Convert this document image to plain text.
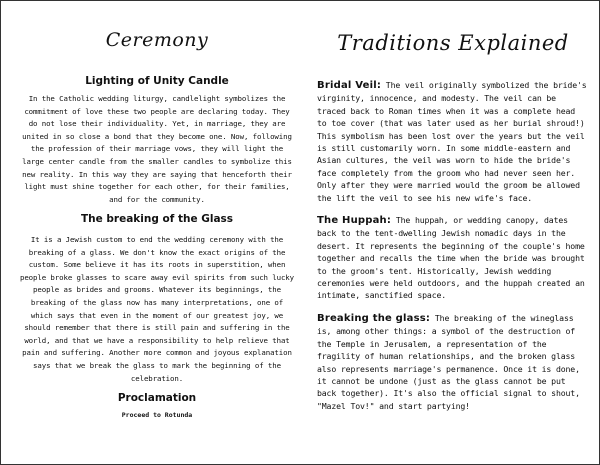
Ceremony
Lighting of Unity Candle

In the Catholic wedding liturgy, candlelight symbolizes the commitment of love these two people are declaring today. They do not lose their individuality. Yet, in marriage, they are united in so close a bond that they become one. Now, following the profession of their marriage vows, they will light the large center candle from the smaller candles to symbolize this new reality. In this way they are saying that henceforth their light must shine together for each other, for their families, and for the community.

The breaking of the Glass

It is a Jewish custom to end the wedding ceremony with the breaking of a glass. We don't know the exact origins of the custom. Some believe it has its roots in superstition, when people broke glasses to scare away evil spirits from such lucky people as brides and grooms. Whatever its beginnings, the breaking of the glass now has many interpretations, one of which says that even in the moment of our greatest joy, we should remember that there is still pain and suffering in the world, and that we have a responsibility to help relieve that pain and suffering. Another more common and joyous explanation says that we break the glass to mark the beginning of the celebration.

Proclamation

Proceed to Rotunda

Traditions Explained

Bridal Veil: The veil originally symbolized the bride's virginity, innocence, and modesty. The veil can be traced back to Roman times when it was a complete head to toe cover (that was later used as her burial shroud!) This symbolism has been lost over the years but the veil is still customarily worn. In some middle-eastern and Asian cultures, the veil was worn to hide the bride's face completely from the groom who had never seen her. Only after they were married would the groom be allowed the lift the veil to see his new wife's face.

The Huppah: The huppah, or wedding canopy, dates back to the tent-dwelling Jewish nomadic days in the desert. It represents the beginning of the couple's home together and recalls the time when the bride was brought to the groom's tent. Historically, Jewish wedding ceremonies were held outdoors, and the huppah created an intimate, sanctified space.

Breaking the glass: The breaking of the wineglass is, among other things: a symbol of the destruction of the Temple in Jerusalem, a representation of the fragility of human relationships, and the broken glass also represents marriage's permanence. Once it is done, it cannot be undone (just as the glass cannot be put back together). It's also the official signal to shout, "Mazel Tov!" and start partying!
